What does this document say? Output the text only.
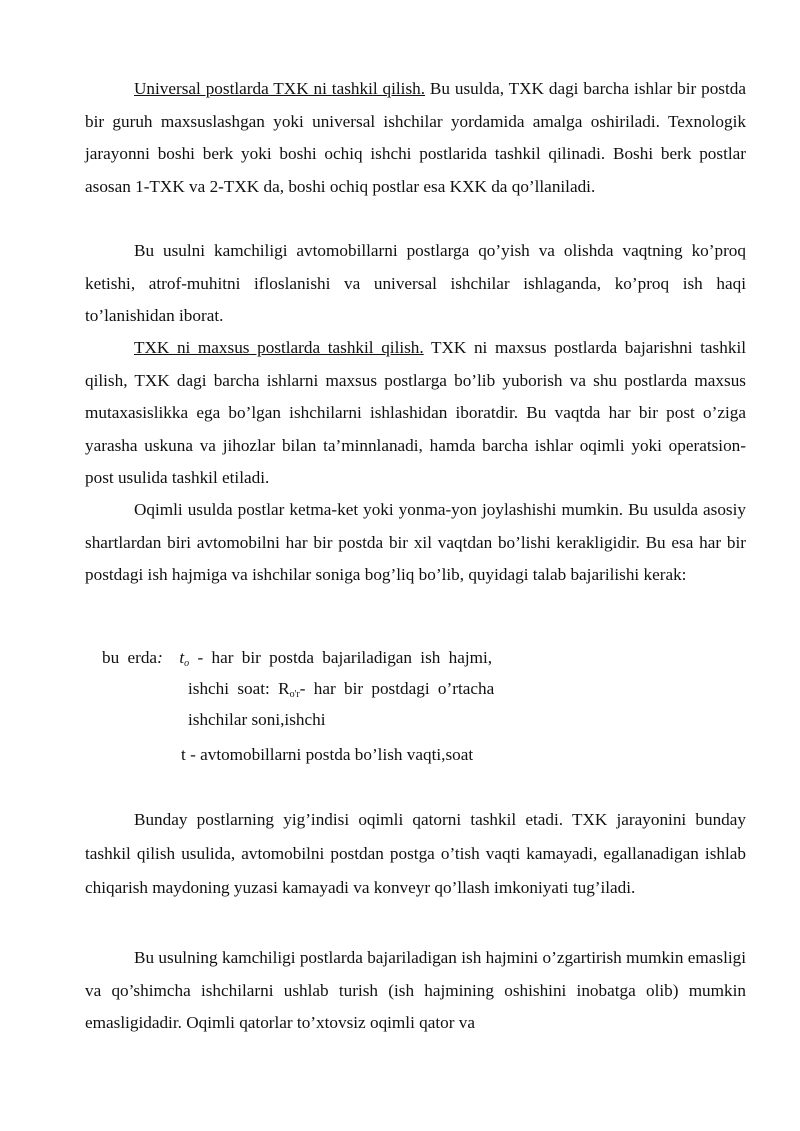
Universal postlarda TXK ni tashkil qilish. Bu usulda, TXK dagi barcha ishlar bir postda bir guruh maxsuslashgan yoki universal ishchilar yordamida amalga oshiriladi. Texnologik jarayonni boshi berk yoki boshi ochiq ishchi postlarida tashkil qilinadi. Boshi berk postlar asosan 1-TXK va 2-TXK da, boshi ochiq postlar esa KXK da qo’llaniladi.

Bu usulni kamchiligi avtomobillarni postlarga qo’yish va olishda vaqtning ko’proq ketishi, atrof-muhitni ifloslanishi va universal ishchilar ishlaganda, ko’proq ish haqi to’lanishidan iborat.

TXK ni maxsus postlarda tashkil qilish. TXK ni maxsus postlarda bajarishni tashkil qilish, TXK dagi barcha ishlarni maxsus postlarga bo’lib yuborish va shu postlarda maxsus mutaxasislikka ega bo’lgan ishchilarni ishlashidan iboratdir. Bu vaqtda har bir post o’ziga yarasha uskuna va jihozlar bilan ta’minnlanadi, hamda barcha ishlar oqimli yoki operatsion-post usulida tashkil etiladi.

Oqimli usulda postlar ketma-ket yoki yonma-yon joylashishi mumkin. Bu usulda asosiy shartlardan biri avtomobilni har bir postda bir xil vaqtdan bo’lishi kerakligidir. Bu esa har bir postdagi ish hajmiga va ishchilar soniga bog’liq bo’lib, quyidagi talab bajarilishi kerak:

bu erda: $t_o$ - har bir postda bajariladigan ish hajmi,
ishchi soat: $R_{o'r}-$ har bir postdagi o’rtacha
ishchilar soni,ishchi
t - avtomobillarni postda bo’lish vaqti,soat

Bunday postlarning yig’indisi oqimli qatorni tashkil etadi. TXK jarayonini bunday tashkil qilish usulida, avtomobilni postdan postga o’tish vaqti kamayadi, egallanadigan ishlab chiqarish maydoning yuzasi kamayadi va konveyr qo’llash imkoniyati tug’iladi.

Bu usulning kamchiligi postlarda bajariladigan ish hajmini o’zgartirish mumkin emasligi va qo’shimcha ishchilarni ushlab turish (ish hajmining oshishini inobatga olib) mumkin emasligidadir. Oqimli qatorlar to’xtovsiz oqimli qator va
